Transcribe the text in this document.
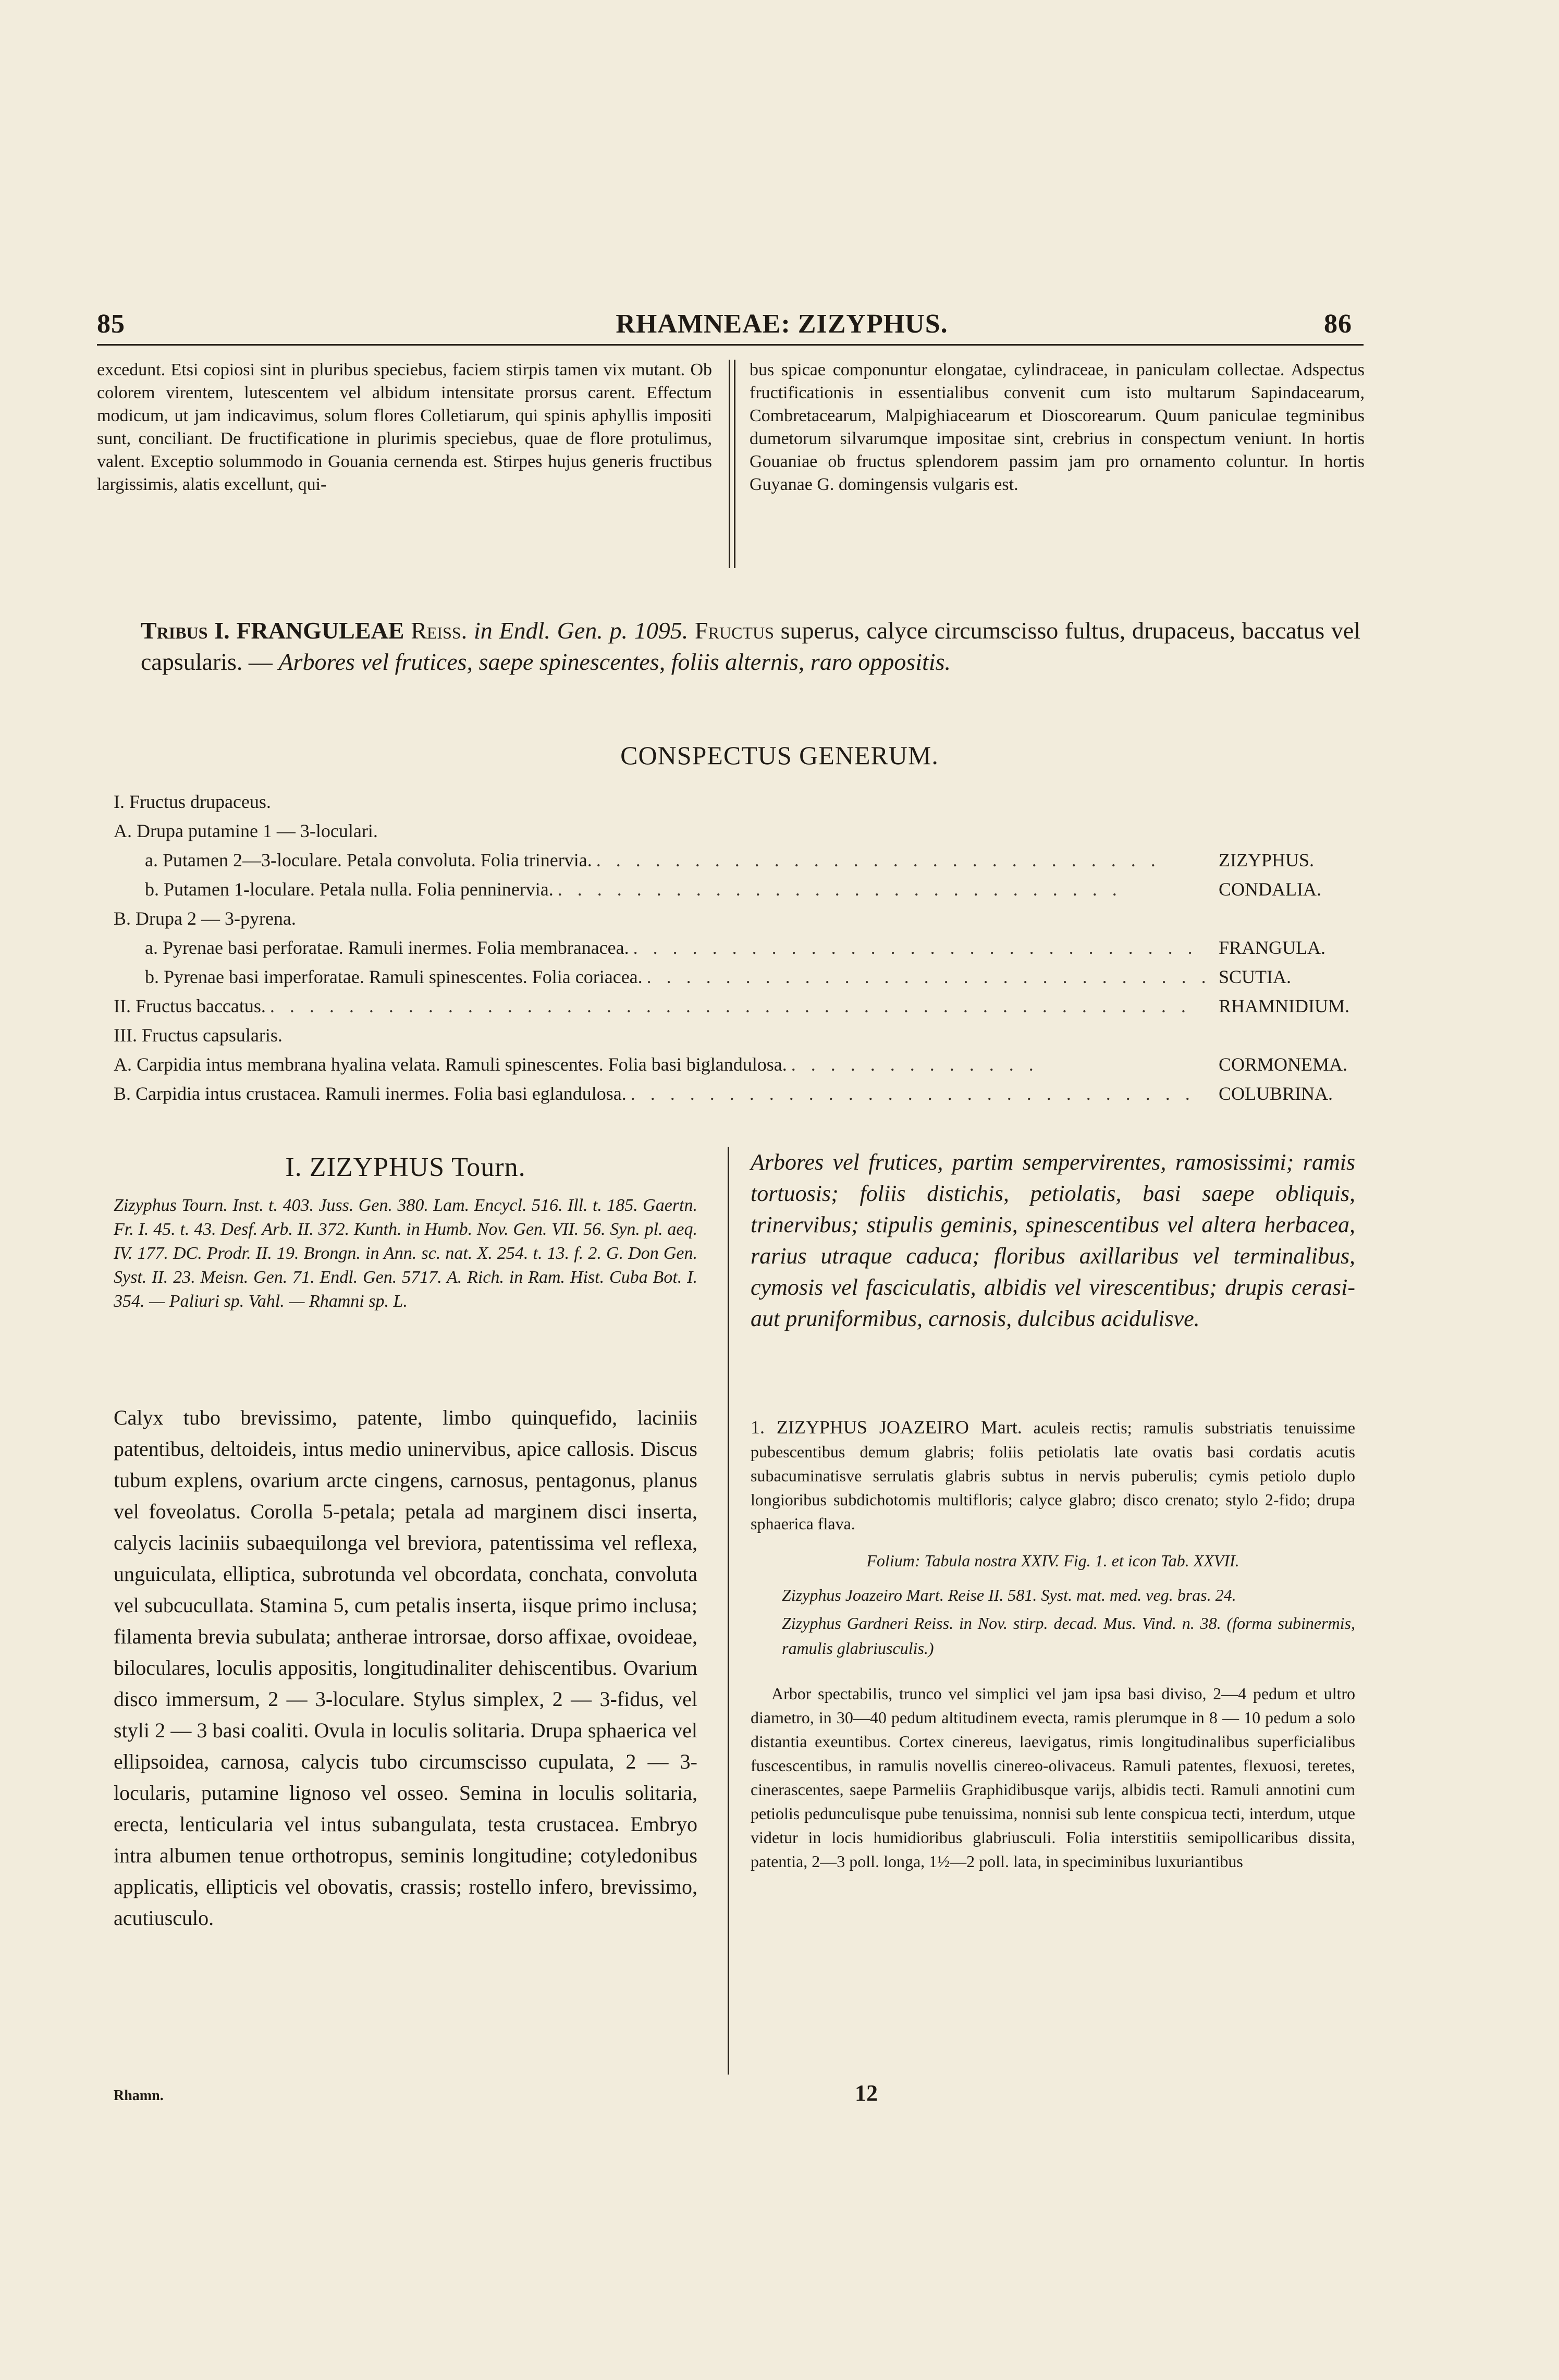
85	RHAMNEAE: ZIZYPHUS.	86
excedunt. Etsi copiosi sint in pluribus speciebus, faciem stirpis tamen vix mutant. Ob colorem virentem, lutescentem vel albidum intensitate prorsus carent. Effectum modicum, ut jam indicavimus, solum flores Colletiarum, qui spinis aphyllis impositi sunt, conciliant. De fructificatione in plurimis speciebus, quae de flore protulimus, valent. Exceptio solummodo in Gouania cernenda est. Stirpes hujus generis fructibus largissimis, alatis excellunt, qui-
bus spicae componuntur elongatae, cylindraceae, in paniculam collectae. Adspectus fructificationis in essentialibus convenit cum isto multarum Sapindacearum, Combretacearum, Malpighiacearum et Dioscorearum. Quum paniculae tegminibus dumetorum silvarumque impositae sint, crebrius in conspectum veniunt. In hortis Gouaniae ob fructus splendorem passim jam pro ornamento coluntur. In hortis Guyanae G. domingensis vulgaris est.
Tribus I. FRANGULEAE Reiss. in Endl. Gen. p. 1095. Fructus superus, calyce circumscisso fultus, drupaceus, baccatus vel capsularis. — Arbores vel frutices, saepe spinescentes, foliis alternis, raro oppositis.
CONSPECTUS GENERUM.
I. Fructus drupaceus.
A. Drupa putamine 1 — 3-loculari.
a. Putamen 2—3-loculare. Petala convoluta. Folia trinervia. . . . . . . . . . . . . . . . . . . . . . . . . . . . . .	ZIZYPHUS.
b. Putamen 1-loculare. Petala nulla. Folia penninervia. . . . . . . . . . . . . . . . . . . . . . . . . . . . . .	CONDALIA.
B. Drupa 2 — 3-pyrena.
a. Pyrenae basi perforatae. Ramuli inermes. Folia membranacea. . . . . . . . . . . . . . . . . . . . . . . . . . . . . .	FRANGULA.
b. Pyrenae basi imperforatae. Ramuli spinescentes. Folia coriacea. . . . . . . . . . . . . . . . . . . . . . . . . . . . . . SCUTIA.
II. Fructus baccatus. . . . . . . . . . . . . . . . . . . . . . . . . . . . . . . . . . . . . . . . . . . . . . . .	RHAMNIDIUM.
III. Fructus capsularis.
A. Carpidia intus membrana hyalina velata. Ramuli spinescentes. Folia basi biglandulosa. . . . . . . . . . . . . .	CORMONEMA.
B. Carpidia intus crustacea. Ramuli inermes. Folia basi eglandulosa. . . . . . . . . . . . . . . . . . . . . . . . . . . . . .	COLUBRINA.
I. ZIZYPHUS Tourn.
Zizyphus Tourn. Inst. t. 403. Juss. Gen. 380. Lam. Encycl. 516. Ill. t. 185. Gaertn. Fr. I. 45. t. 43. Desf. Arb. II. 372. Kunth. in Humb. Nov. Gen. VII. 56. Syn. pl. aeq. IV. 177. DC. Prodr. II. 19. Brongn. in Ann. sc. nat. X. 254. t. 13. f. 2. G. Don Gen. Syst. II. 23. Meisn. Gen. 71. Endl. Gen. 5717. A. Rich. in Ram. Hist. Cuba Bot. I. 354. — Paliuri sp. Vahl. — Rhamni sp. L.
Calyx tubo brevissimo, patente, limbo quinquefido, laciniis patentibus, deltoideis, intus medio uninervibus, apice callosis. Discus tubum explens, ovarium arcte cingens, carnosus, pentagonus, planus vel foveolatus. Corolla 5-petala; petala ad marginem disci inserta, calycis laciniis subaequilonga vel breviora, patentissima vel reflexa, unguiculata, elliptica, subrotunda vel obcordata, conchata, convoluta vel subcucullata. Stamina 5, cum petalis inserta, iisque primo inclusa; filamenta brevia subulata; antherae introrsae, dorso affixae, ovoideae, biloculares, loculis appositis, longitudinaliter dehiscentibus. Ovarium disco immersum, 2 — 3-loculare. Stylus simplex, 2 — 3-fidus, vel styli 2 — 3 basi coaliti. Ovula in loculis solitaria. Drupa sphaerica vel ellipsoidea, carnosa, calycis tubo circumscisso cupulata, 2 — 3-locularis, putamine lignoso vel osseo. Semina in loculis solitaria, erecta, lenticularia vel intus subangulata, testa crustacea. Embryo intra albumen tenue orthotropus, seminis longitudine; cotyledonibus applicatis, ellipticis vel obovatis, crassis; rostello infero, brevissimo, acutiusculo.
Rhamn.
Arbores vel frutices, partim sempervirentes, ramosissimi; ramis tortuosis; foliis distichis, petiolatis, basi saepe obliquis, trinervibus; stipulis geminis, spinescentibus vel altera herbacea, rarius utraque caduca; floribus axillaribus vel terminalibus, cymosis vel fasciculatis, albidis vel virescentibus; drupis cerasi- aut pruniformibus, carnosis, dulcibus acidulisve.

1. ZIZYPHUS JOAZEIRO Mart. aculeis rectis; ramulis substriatis tenuissime pubescentibus demum glabris; foliis petiolatis late ovatis basi cordatis acutis subacuminatisve serrulatis glabris subtus in nervis puberulis; cymis petiolo duplo longioribus subdichotomis multifloris; calyce glabro; disco crenato; stylo 2-fido; drupa sphaerica flava.

Folium: Tabula nostra XXIV. Fig. 1. et icon Tab. XXVII.

Zizyphus Joazeiro Mart. Reise II. 581. Syst. mat. med. veg. bras. 24.

Zizyphus Gardneri Reiss. in Nov. stirp. decad. Mus. Vind. n. 38. (forma subinermis, ramulis glabriusculis.)

Arbor spectabilis, trunco vel simplici vel jam ipsa basi diviso, 2—4 pedum et ultro diametro, in 30—40 pedum altitudinem evecta, ramis plerumque in 8 — 10 pedum a solo distantia exeuntibus. Cortex cinereus, laevigatus, rimis longitudinalibus superficialibus fuscescentibus, in ramulis novellis cinereo-olivaceus. Ramuli patentes, flexuosi, teretes, cinerascentes, saepe Parmeliis Graphidibusque varijs, albidis tecti. Ramuli annotini cum petiolis pedunculisque pube tenuissima, nonnisi sub lente conspicua tecti, interdum, utque videtur in locis humidioribus glabriusculi. Folia interstitiis semipollicaribus dissita, patentia, 2—3 poll. longa, 1½—2 poll. lata, in speciminibus luxuriantibus

12
